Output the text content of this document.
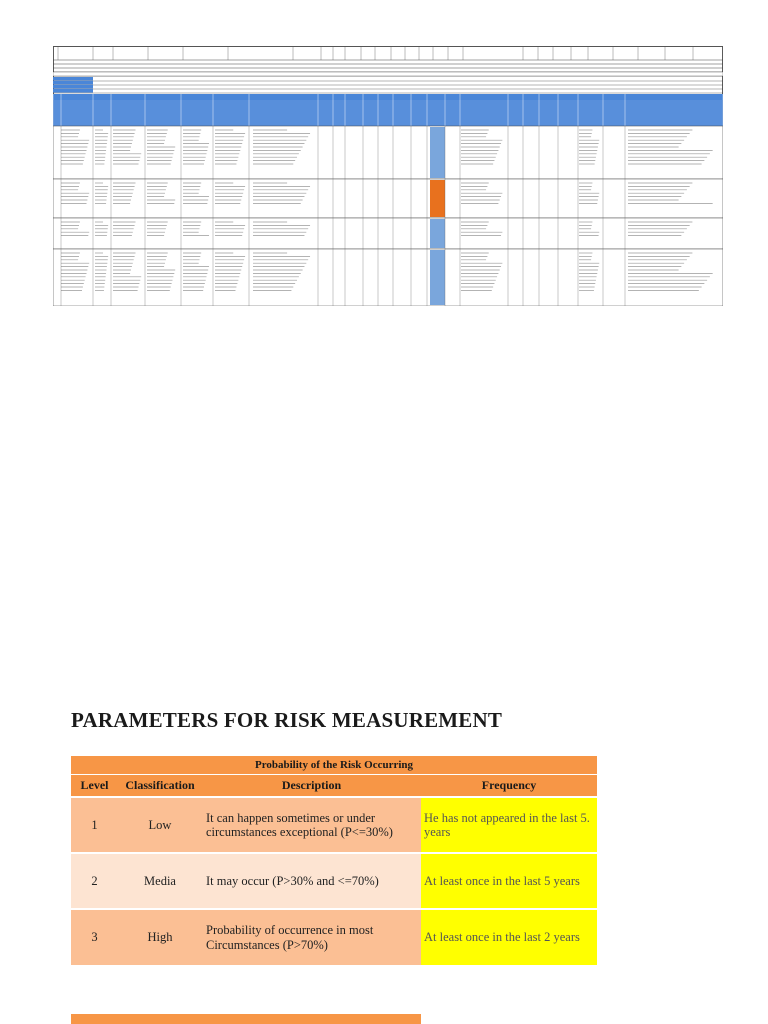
PARAMETERS FOR RISK MEASUREMENT
Probability of the Risk Occurring			
Level	Classification	Description	Frequency
1	Low	It can happen sometimes or under circumstances exceptional (P<=30%)	He has not appeared in the last 5. years
2	Media	It may occur (P>30% and <=70%)	At least once in the last 5 years
3	High	Probability of occurrence in most Circumstances (P>70%)	At least once in the last 2 years
